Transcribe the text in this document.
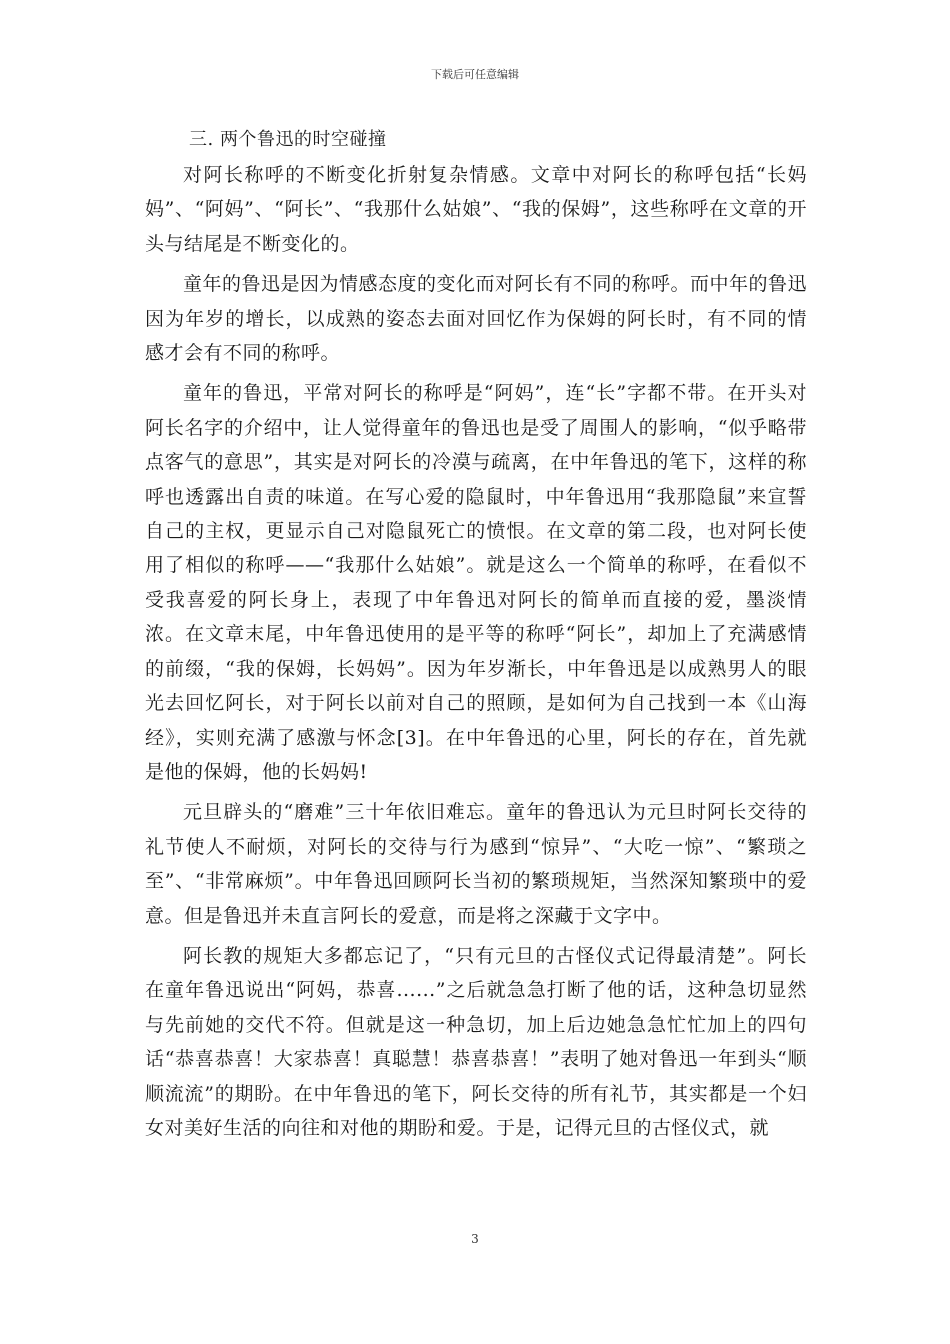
下载后可任意编辑

三. 两个鲁迅的时空碰撞

对阿长称呼的不断变化折射复杂情感。文章中对阿长的称呼包括“长妈妈”、“阿妈”、“阿长”、“我那什么姑娘”、“我的保姆”，这些称呼在文章的开头与结尾是不断变化的。

童年的鲁迅是因为情感态度的变化而对阿长有不同的称呼。而中年的鲁迅因为年岁的增长，以成熟的姿态去面对回忆作为保姆的阿长时，有不同的情感才会有不同的称呼。

童年的鲁迅，平常对阿长的称呼是“阿妈”，连“长”字都不带。在开头对阿长名字的介绍中，让人觉得童年的鲁迅也是受了周围人的影响，“似乎略带点客气的意思”，其实是对阿长的冷漠与疏离，在中年鲁迅的笔下，这样的称呼也透露出自责的味道。在写心爱的隐鼠时，中年鲁迅用“我那隐鼠”来宣誓自己的主权，更显示自己对隐鼠死亡的愤恨。在文章的第二段，也对阿长使用了相似的称呼——“我那什么姑娘”。就是这么一个简单的称呼，在看似不受我喜爱的阿长身上，表现了中年鲁迅对阿长的简单而直接的爱，墨淡情浓。在文章末尾，中年鲁迅使用的是平等的称呼“阿长”，却加上了充满感情的前缀，“我的保姆，长妈妈”。因为年岁渐长，中年鲁迅是以成熟男人的眼光去回忆阿长，对于阿长以前对自己的照顾，是如何为自己找到一本《山海经》，实则充满了感激与怀念[3]。在中年鲁迅的心里，阿长的存在，首先就是他的保姆，他的长妈妈!

元旦辟头的“磨难”三十年依旧难忘。童年的鲁迅认为元旦时阿长交待的礼节使人不耐烦，对阿长的交待与行为感到“惊异”、“大吃一惊”、“繁琐之至”、“非常麻烦”。中年鲁迅回顾阿长当初的繁琐规矩，当然深知繁琐中的爱意。但是鲁迅并未直言阿长的爱意，而是将之深藏于文字中。

阿长教的规矩大多都忘记了，“只有元旦的古怪仪式记得最清楚”。阿长在童年鲁迅说出“阿妈，恭喜......”之后就急急打断了他的话，这种急切显然与先前她的交代不符。但就是这一种急切，加上后边她急急忙忙加上的四句话“恭喜恭喜！大家恭喜！真聪慧！恭喜恭喜！”表明了她对鲁迅一年到头“顺顺流流”的期盼。在中年鲁迅的笔下，阿长交待的所有礼节，其实都是一个妇女对美好生活的向往和对他的期盼和爱。于是，记得元旦的古怪仪式，就

3
